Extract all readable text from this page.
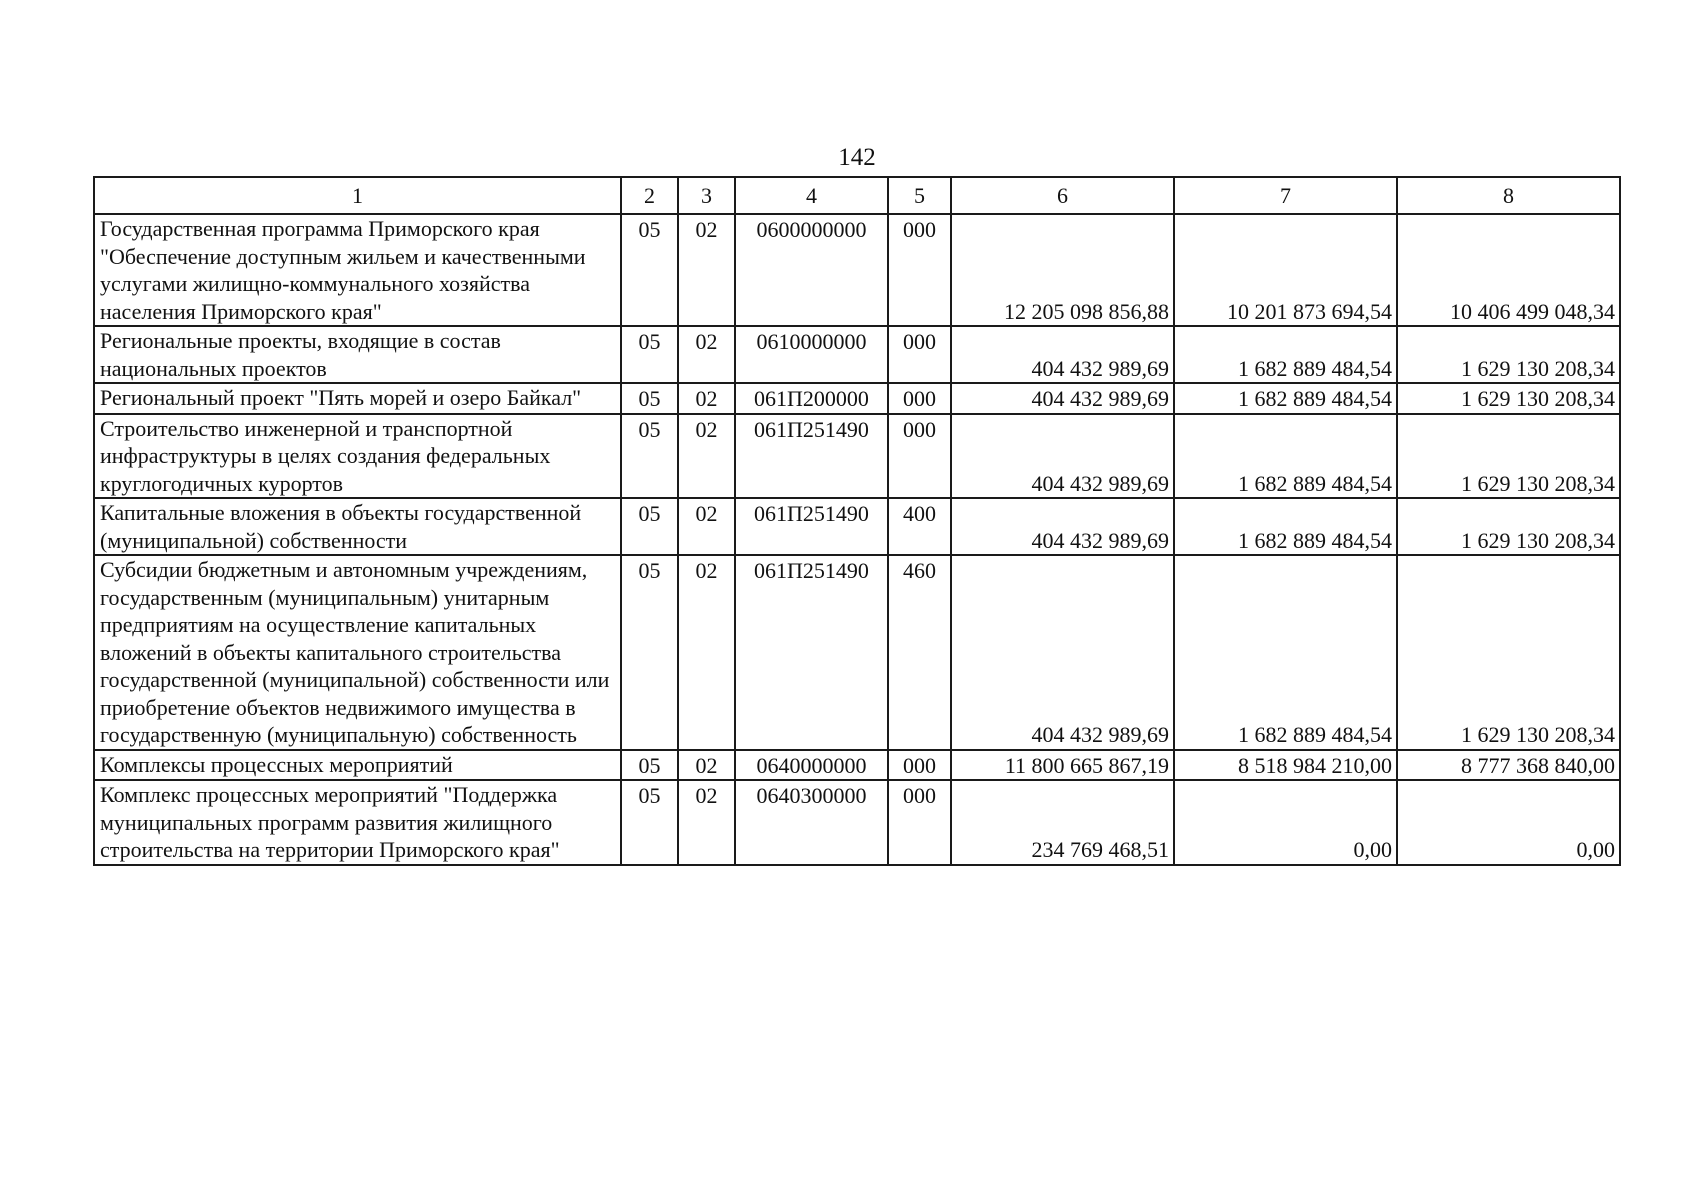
142
1	2	3	4	5	6	7	8
Государственная программа Приморского края "Обеспечение доступным жильем и качественными услугами жилищно-коммунального хозяйства населения Приморского края"	05	02	0600000000	000	12 205 098 856,88	10 201 873 694,54	10 406 499 048,34
Региональные проекты, входящие в состав национальных проектов	05	02	0610000000	000	404 432 989,69	1 682 889 484,54	1 629 130 208,34
Региональный проект "Пять морей и озеро Байкал"	05	02	061П200000	000	404 432 989,69	1 682 889 484,54	1 629 130 208,34
Строительство инженерной и транспортной инфраструктуры в целях создания федеральных круглогодичных курортов	05	02	061П251490	000	404 432 989,69	1 682 889 484,54	1 629 130 208,34
Капитальные вложения в объекты государственной (муниципальной) собственности	05	02	061П251490	400	404 432 989,69	1 682 889 484,54	1 629 130 208,34
Субсидии бюджетным и автономным учреждениям, государственным (муниципальным) унитарным предприятиям на осуществление капитальных вложений в объекты капитального строительства государственной (муниципальной) собственности или приобретение объектов недвижимого имущества в государственную (муниципальную) собственность	05	02	061П251490	460	404 432 989,69	1 682 889 484,54	1 629 130 208,34
Комплексы процессных мероприятий	05	02	0640000000	000	11 800 665 867,19	8 518 984 210,00	8 777 368 840,00
Комплекс процессных мероприятий "Поддержка муниципальных программ развития жилищного строительства на территории Приморского края"	05	02	0640300000	000	234 769 468,51	0,00	0,00
